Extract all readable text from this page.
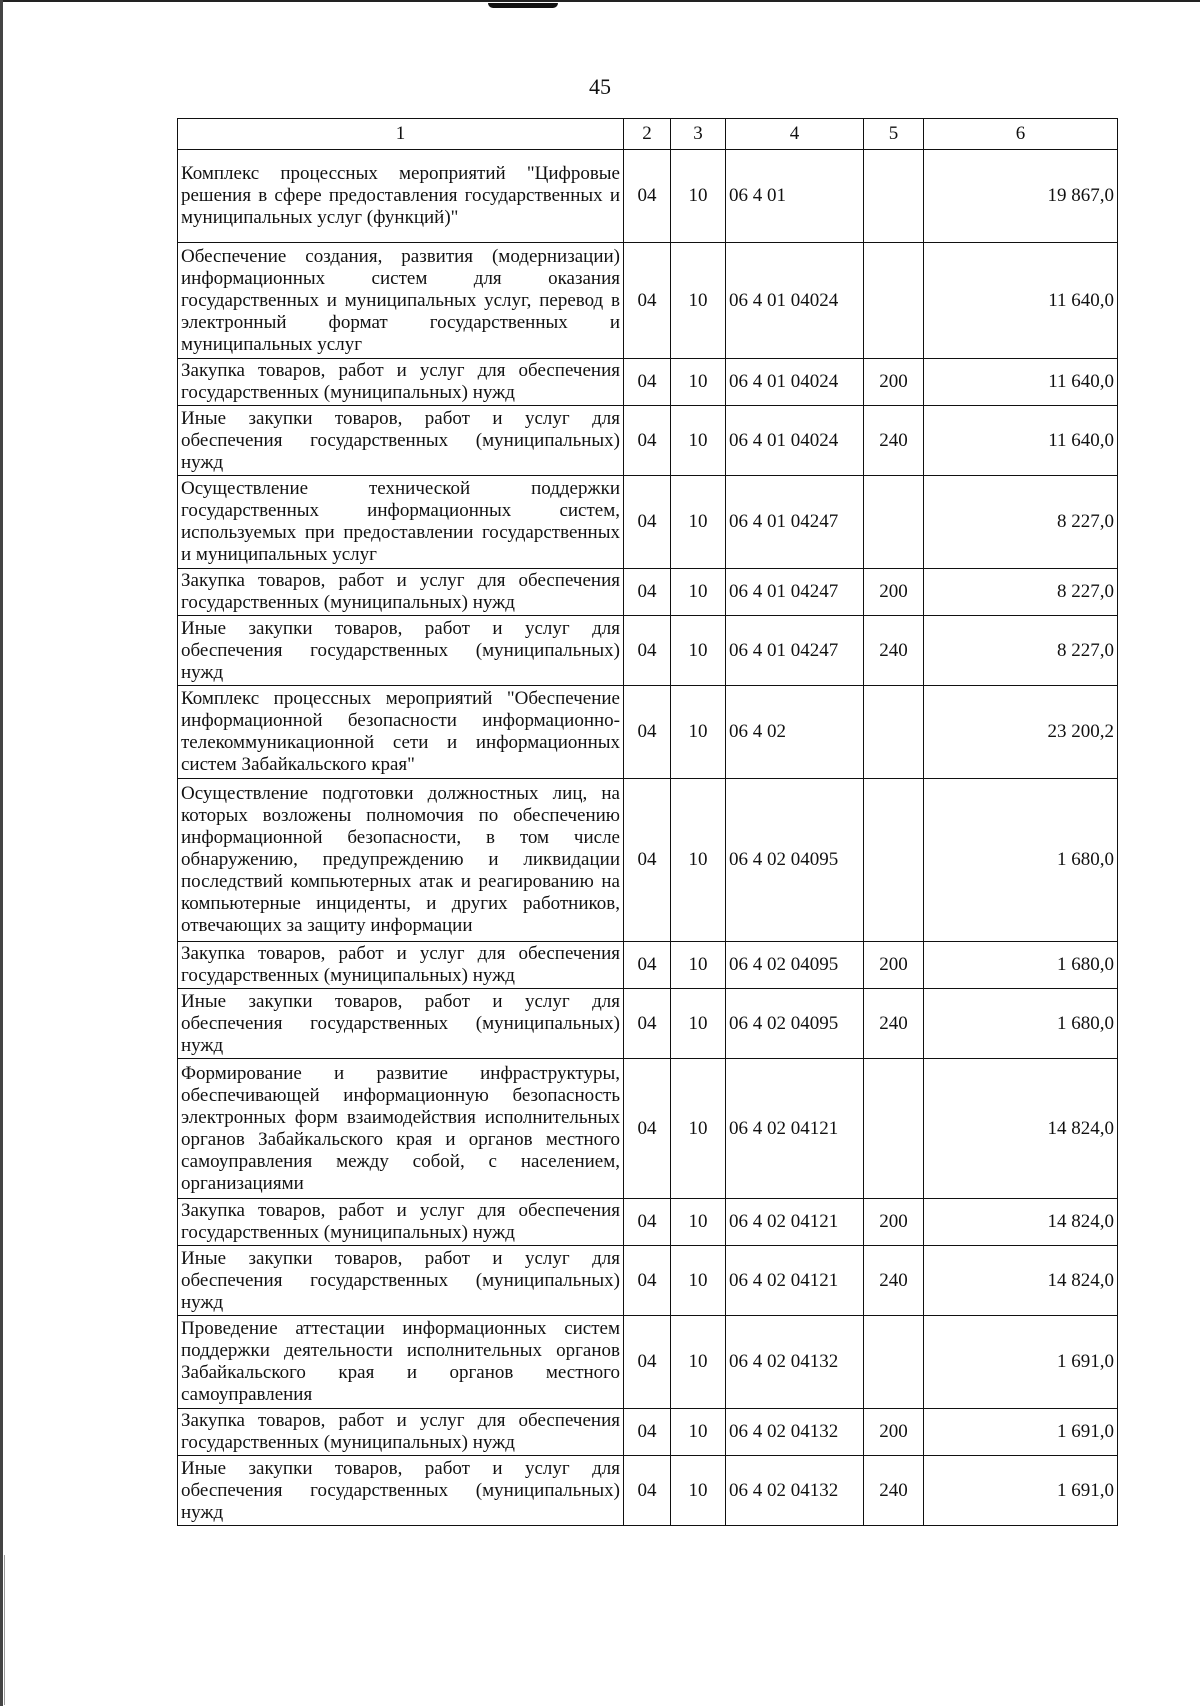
45
1	2	3	4	5	6
Комплекс процессных мероприятий "Цифровые решения в сфере предоставления государственных и муниципальных услуг (функций)"	04	10	06 4 01		19 867,0
Обеспечение создания, развития (модернизации) информационных систем для оказания государственных и муниципальных услуг, перевод в электронный формат государственных и муниципальных услуг	04	10	06 4 01 04024		11 640,0
Закупка товаров, работ и услуг для обеспечения государственных (муниципальных) нужд	04	10	06 4 01 04024	200	11 640,0
Иные закупки товаров, работ и услуг для обеспечения государственных (муниципальных) нужд	04	10	06 4 01 04024	240	11 640,0
Осуществление технической поддержки государственных информационных систем, используемых при предоставлении государственных и муниципальных услуг	04	10	06 4 01 04247		8 227,0
Закупка товаров, работ и услуг для обеспечения государственных (муниципальных) нужд	04	10	06 4 01 04247	200	8 227,0
Иные закупки товаров, работ и услуг для обеспечения государственных (муниципальных) нужд	04	10	06 4 01 04247	240	8 227,0
Комплекс процессных мероприятий "Обеспечение информационной безопасности информационно-телекоммуникационной сети и информационных систем Забайкальского края"	04	10	06 4 02		23 200,2
Осуществление подготовки должностных лиц, на которых возложены полномочия по обеспечению информационной безопасности, в том числе обнаружению, предупреждению и ликвидации последствий компьютерных атак и реагированию на компьютерные инциденты, и других работников, отвечающих за защиту информации	04	10	06 4 02 04095		1 680,0
Закупка товаров, работ и услуг для обеспечения государственных (муниципальных) нужд	04	10	06 4 02 04095	200	1 680,0
Иные закупки товаров, работ и услуг для обеспечения государственных (муниципальных) нужд	04	10	06 4 02 04095	240	1 680,0
Формирование и развитие инфраструктуры, обеспечивающей информационную безопасность электронных форм взаимодействия исполнительных органов Забайкальского края и органов местного самоуправления между собой, с населением, организациями	04	10	06 4 02 04121		14 824,0
Закупка товаров, работ и услуг для обеспечения государственных (муниципальных) нужд	04	10	06 4 02 04121	200	14 824,0
Иные закупки товаров, работ и услуг для обеспечения государственных (муниципальных) нужд	04	10	06 4 02 04121	240	14 824,0
Проведение аттестации информационных систем поддержки деятельности исполнительных органов Забайкальского края и органов местного самоуправления	04	10	06 4 02 04132		1 691,0
Закупка товаров, работ и услуг для обеспечения государственных (муниципальных) нужд	04	10	06 4 02 04132	200	1 691,0
Иные закупки товаров, работ и услуг для обеспечения государственных (муниципальных) нужд	04	10	06 4 02 04132	240	1 691,0
